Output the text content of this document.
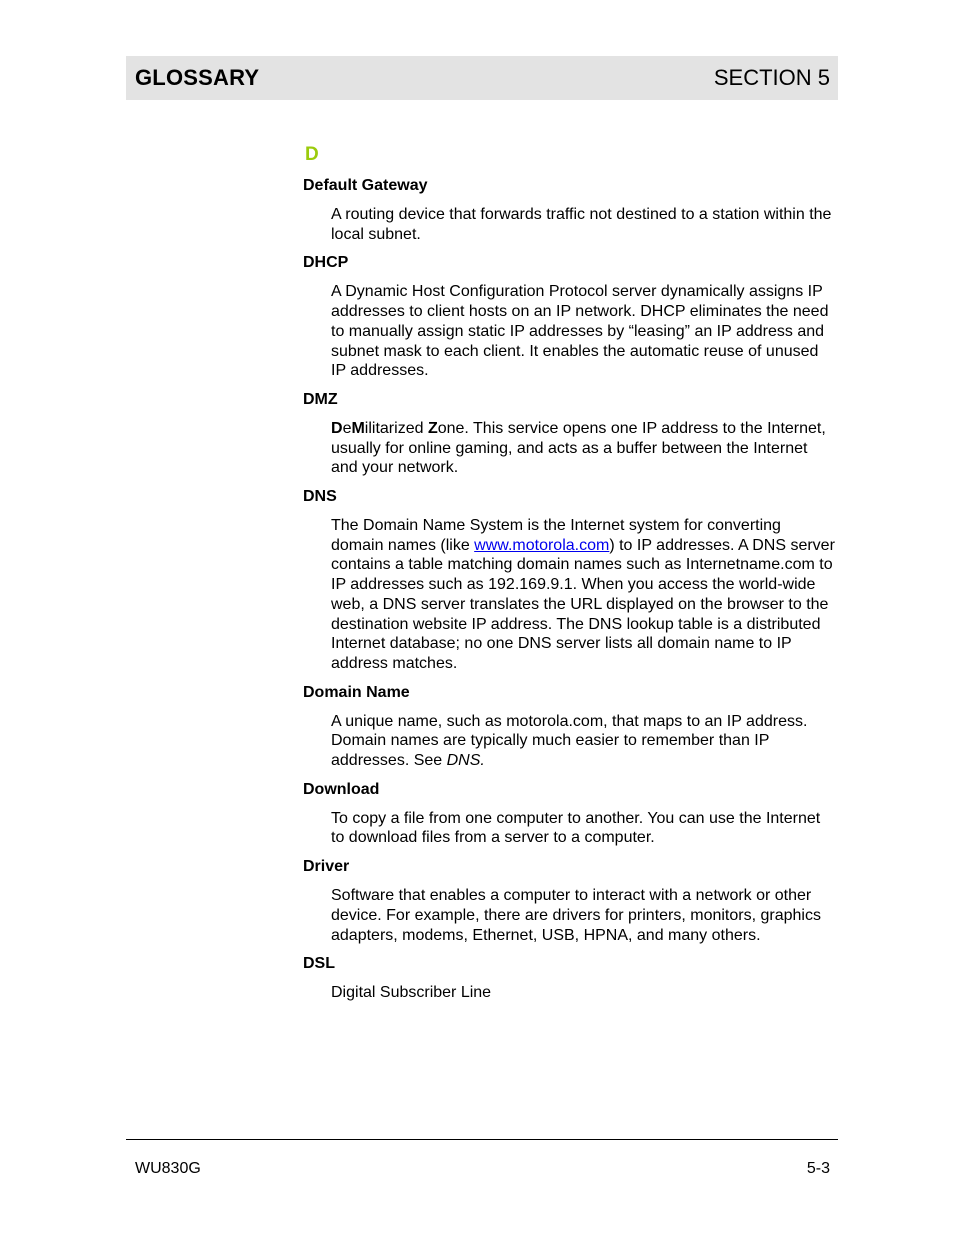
GLOSSARY	SECTION 5
D
Default Gateway
A routing device that forwards traffic not destined to a station within the local subnet.
DHCP
A Dynamic Host Configuration Protocol server dynamically assigns IP addresses to client hosts on an IP network. DHCP eliminates the need to manually assign static IP addresses by “leasing” an IP address and subnet mask to each client. It enables the automatic reuse of unused IP addresses.
DMZ
DeMilitarized Zone. This service opens one IP address to the Internet, usually for online gaming, and acts as a buffer between the Internet and your network.
DNS
The Domain Name System is the Internet system for converting domain names (like www.motorola.com) to IP addresses. A DNS server contains a table matching domain names such as Internetname.com to IP addresses such as 192.169.9.1. When you access the world-wide web, a DNS server translates the URL displayed on the browser to the destination website IP address. The DNS lookup table is a distributed Internet database; no one DNS server lists all domain name to IP address matches.
Domain Name
A unique name, such as motorola.com, that maps to an IP address. Domain names are typically much easier to remember than IP addresses. See DNS.
Download
To copy a file from one computer to another. You can use the Internet to download files from a server to a computer.
Driver
Software that enables a computer to interact with a network or other device. For example, there are drivers for printers, monitors, graphics adapters, modems, Ethernet, USB, HPNA, and many others.
DSL
Digital Subscriber Line
WU830G	5-3
